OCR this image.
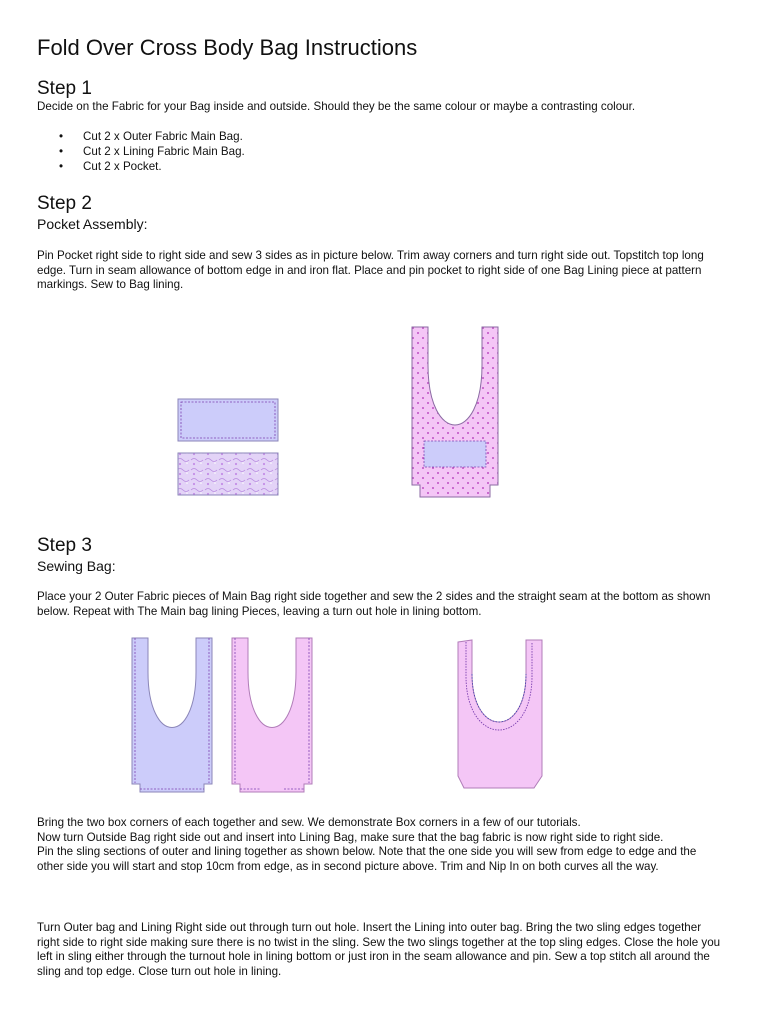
Fold Over Cross Body Bag Instructions
Step 1

Decide on the Fabric for your Bag inside and outside. Should they be the same colour or maybe a contrasting colour.

• Cut 2 x Outer Fabric Main Bag.
• Cut 2 x Lining Fabric Main Bag.
• Cut 2 x Pocket.
Step 2

Pocket Assembly:

Pin Pocket right side to right side and sew 3 sides as in picture below. Trim away corners and turn right side out. Topstitch top long edge. Turn in seam allowance of bottom edge in and iron flat. Place and pin pocket to right side of one Bag Lining piece at pattern markings. Sew to Bag lining.

Step 3

Sewing Bag:

Place your 2 Outer Fabric pieces of Main Bag right side together and sew the 2 sides and the straight seam at the bottom as shown below. Repeat with The Main bag lining Pieces, leaving a turn out hole in lining bottom.

Bring the two box corners of each together and sew. We demonstrate Box corners in a few of our tutorials.

Now turn Outside Bag right side out and insert into Lining Bag, make sure that the bag fabric is now right side to right side.

Pin the sling sections of outer and lining together as shown below. Note that the one side you will sew from edge to edge and the other side you will start and stop 10cm from edge, as in second picture above. Trim and Nip In on both curves all the way.

Turn Outer bag and Lining Right side out through turn out hole. Insert the Lining into outer bag. Bring the two sling edges together right side to right side making sure there is no twist in the sling. Sew the two slings together at the top sling edges. Close the hole you left in sling either through the turnout hole in lining bottom or just iron in the seam allowance and pin. Sew a top stitch all around the sling and top edge. Close turn out hole in lining.
